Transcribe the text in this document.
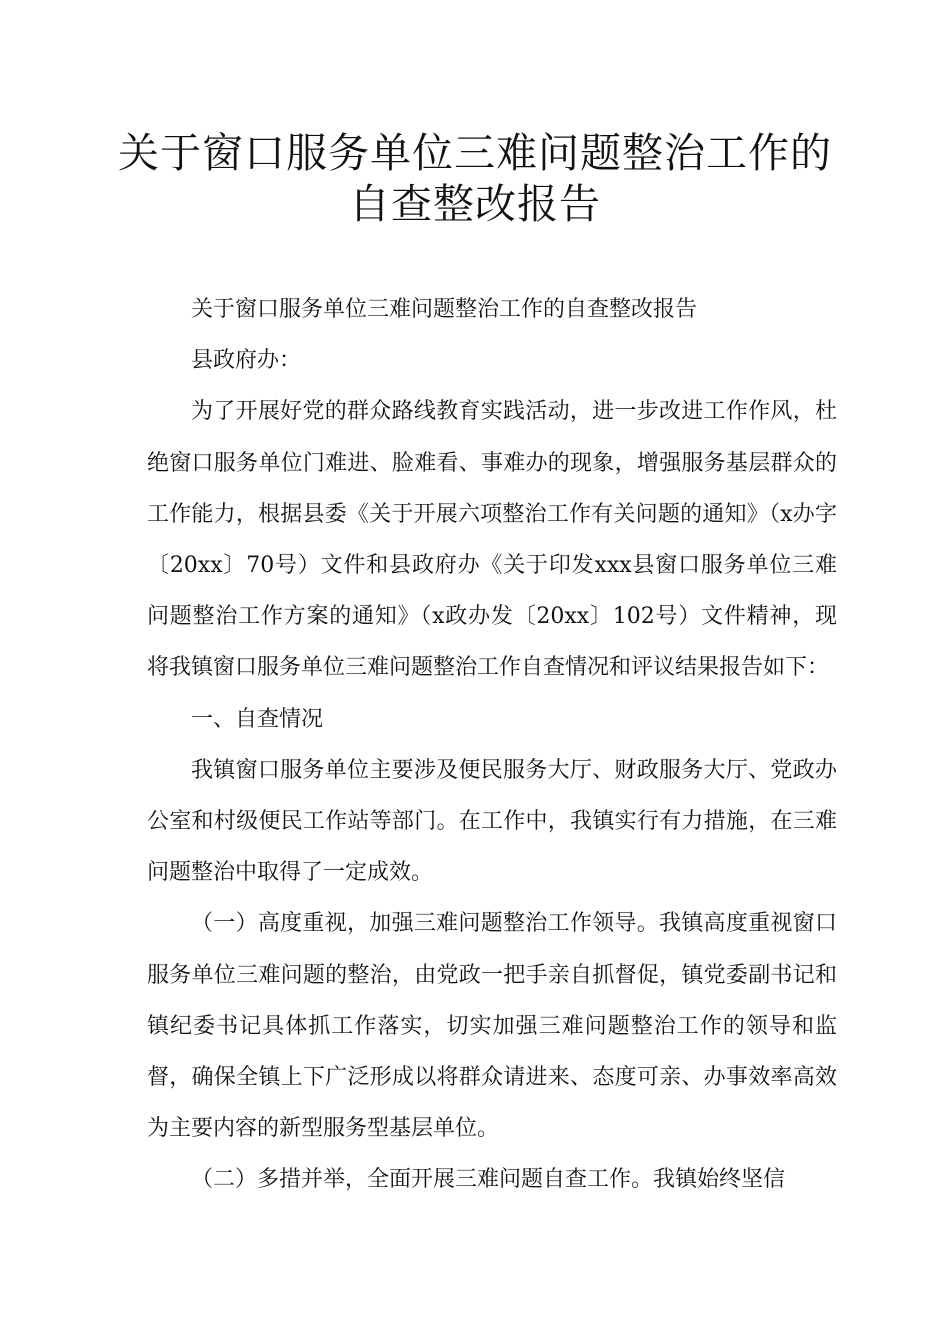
关于窗口服务单位三难问题整治工作的
自查整改报告
关于窗口服务单位三难问题整治工作的自查整改报告
县政府办：

为了开展好党的群众路线教育实践活动，进一步改进工作作风，杜绝窗口服务单位门难进、脸难看、事难办的现象，增强服务基层群众的工作能力，根据县委《关于开展六项整治工作有关问题的通知》（x办字〔20xx〕70号）文件和县政府办《关于印发xxx县窗口服务单位三难问题整治工作方案的通知》（x政办发〔20xx〕102号）文件精神，现将我镇窗口服务单位三难问题整治工作自查情况和评议结果报告如下：

一、自查情况

我镇窗口服务单位主要涉及便民服务大厅、财政服务大厅、党政办公室和村级便民工作站等部门。在工作中，我镇实行有力措施，在三难问题整治中取得了一定成效。

（一）高度重视，加强三难问题整治工作领导。我镇高度重视窗口服务单位三难问题的整治，由党政一把手亲自抓督促，镇党委副书记和镇纪委书记具体抓工作落实，切实加强三难问题整治工作的领导和监督，确保全镇上下广泛形成以将群众请进来、态度可亲、办事效率高效为主要内容的新型服务型基层单位。

（二）多措并举，全面开展三难问题自查工作。我镇始终坚信
